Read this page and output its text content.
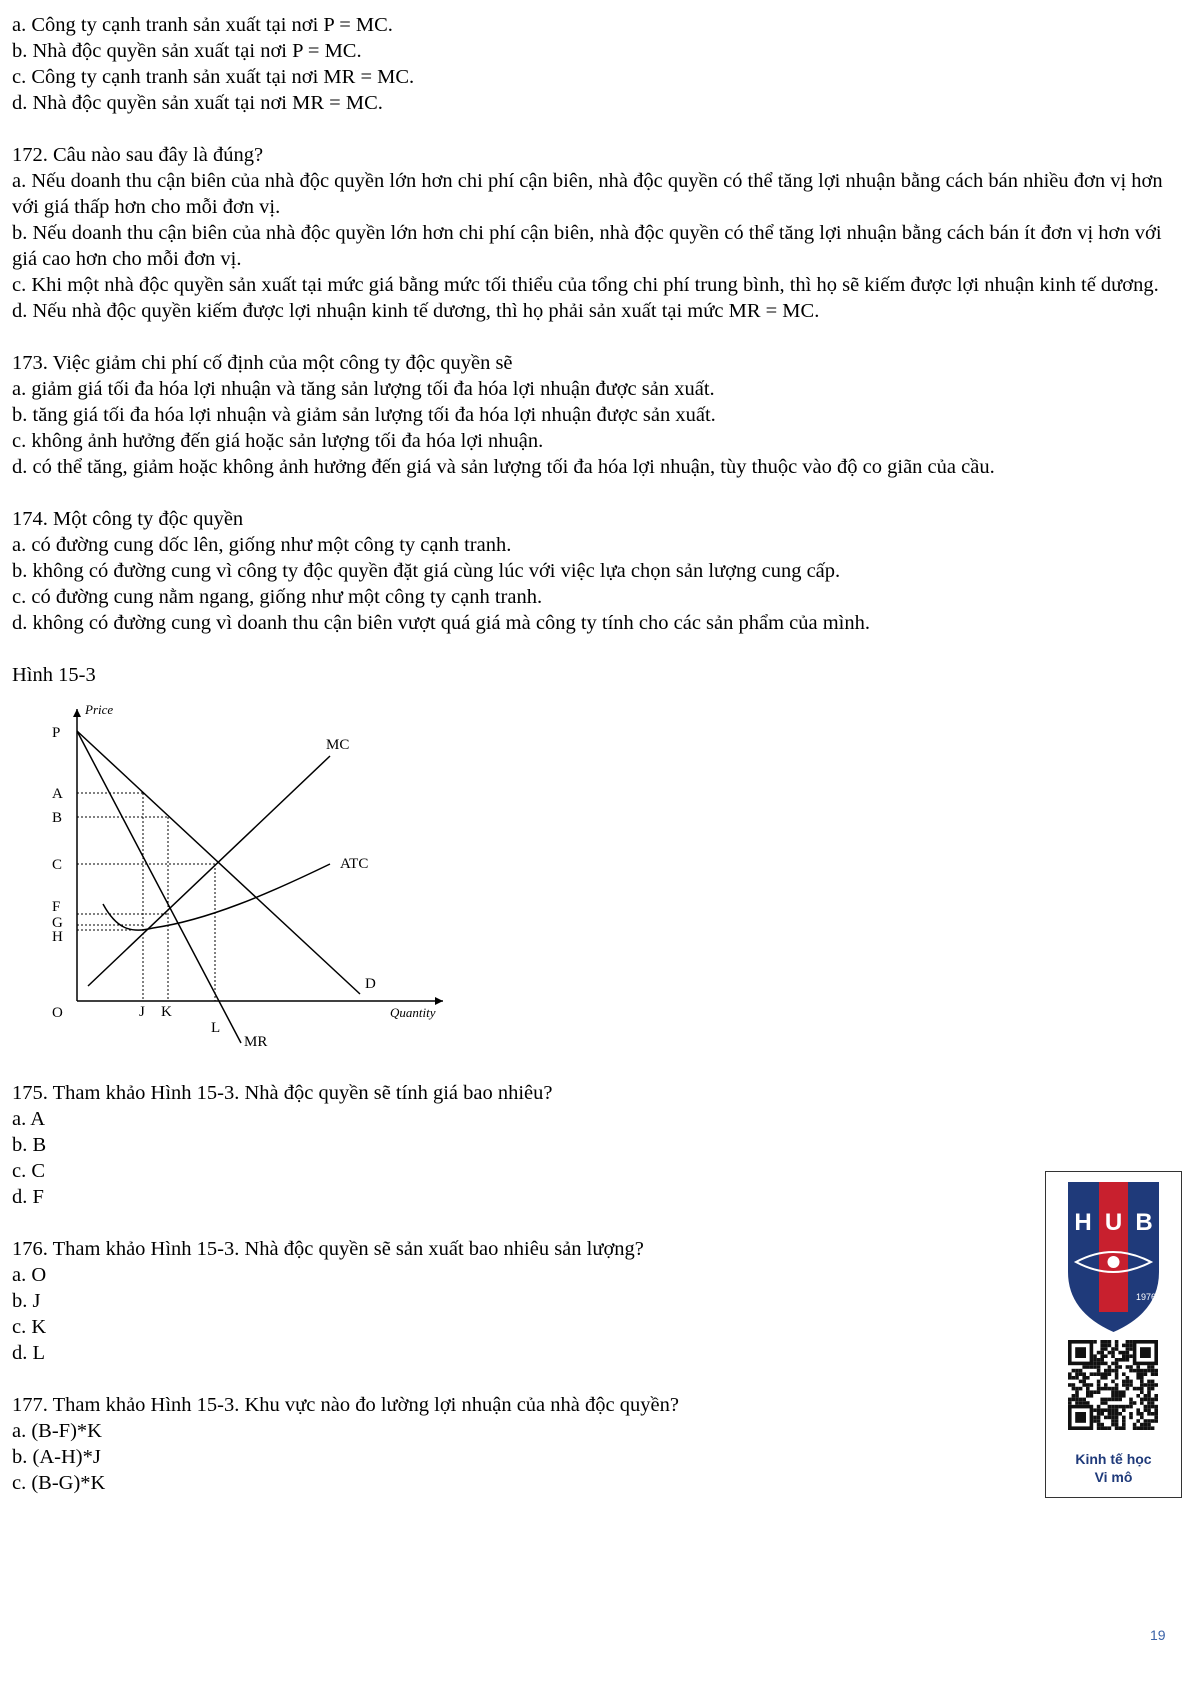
a. Công ty cạnh tranh sản xuất tại nơi P = MC.

b. Nhà độc quyền sản xuất tại nơi P = MC.

c. Công ty cạnh tranh sản xuất tại nơi MR = MC.

d. Nhà độc quyền sản xuất tại nơi MR = MC.

172. Câu nào sau đây là đúng?

a. Nếu doanh thu cận biên của nhà độc quyền lớn hơn chi phí cận biên, nhà độc quyền có thể tăng lợi nhuận bằng cách bán nhiều đơn vị hơn với giá thấp hơn cho mỗi đơn vị.

b. Nếu doanh thu cận biên của nhà độc quyền lớn hơn chi phí cận biên, nhà độc quyền có thể tăng lợi nhuận bằng cách bán ít đơn vị hơn với giá cao hơn cho mỗi đơn vị.

c. Khi một nhà độc quyền sản xuất tại mức giá bằng mức tối thiểu của tổng chi phí trung bình, thì họ sẽ kiếm được lợi nhuận kinh tế dương.

d. Nếu nhà độc quyền kiếm được lợi nhuận kinh tế dương, thì họ phải sản xuất tại mức MR = MC.

173. Việc giảm chi phí cố định của một công ty độc quyền sẽ

a. giảm giá tối đa hóa lợi nhuận và tăng sản lượng tối đa hóa lợi nhuận được sản xuất.

b. tăng giá tối đa hóa lợi nhuận và giảm sản lượng tối đa hóa lợi nhuận được sản xuất.

c. không ảnh hưởng đến giá hoặc sản lượng tối đa hóa lợi nhuận.

d. có thể tăng, giảm hoặc không ảnh hưởng đến giá và sản lượng tối đa hóa lợi nhuận, tùy thuộc vào độ co giãn của cầu.

174. Một công ty độc quyền

a. có đường cung dốc lên, giống như một công ty cạnh tranh.

b. không có đường cung vì công ty độc quyền đặt giá cùng lúc với việc lựa chọn sản lượng cung cấp.

c. có đường cung nằm ngang, giống như một công ty cạnh tranh.

d. không có đường cung vì doanh thu cận biên vượt quá giá mà công ty tính cho các sản phẩm của mình.

Hình 15-3

Price
Quantity
P
A
B
C
F
G
H
O	J K
L
MC
ATC
D
MR

175. Tham khảo Hình 15-3. Nhà độc quyền sẽ tính giá bao nhiêu?

a. A

b. B

c. C

d. F

176. Tham khảo Hình 15-3. Nhà độc quyền sẽ sản xuất bao nhiêu sản lượng?

a. O

b. J

c. K

d. L

177. Tham khảo Hình 15-3. Khu vực nào đo lường lợi nhuận của nhà độc quyền?

a. (B-F)*K

b. (A-H)*J

c. (B-G)*K

H U B
1976
Kinh tế học
Vi mô
19
